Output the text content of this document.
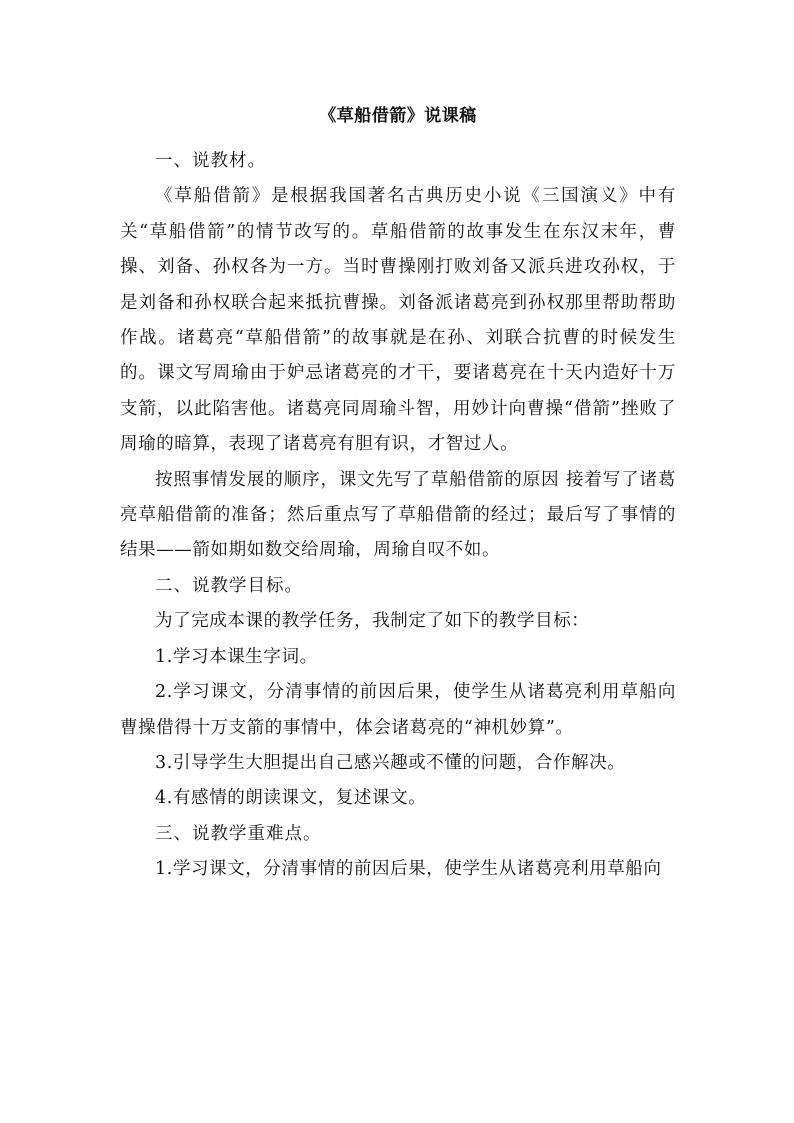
《草船借箭》说课稿

一、说教材。

《草船借箭》是根据我国著名古典历史小说《三国演义》中有关“草船借箭”的情节改写的。草船借箭的故事发生在东汉末年，曹操、刘备、孙权各为一方。当时曹操刚打败刘备又派兵进攻孙权，于是刘备和孙权联合起来抵抗曹操。刘备派诸葛亮到孙权那里帮助帮助作战。诸葛亮“草船借箭”的故事就是在孙、刘联合抗曹的时候发生的。课文写周瑜由于妒忌诸葛亮的才干，要诸葛亮在十天内造好十万支箭，以此陷害他。诸葛亮同周瑜斗智，用妙计向曹操“借箭”挫败了周瑜的暗算，表现了诸葛亮有胆有识，才智过人。

按照事情发展的顺序，课文先写了草船借箭的原因 接着写了诸葛亮草船借箭的准备；然后重点写了草船借箭的经过；最后写了事情的结果——箭如期如数交给周瑜，周瑜自叹不如。

二、说教学目标。

为了完成本课的教学任务，我制定了如下的教学目标：

1.学习本课生字词。

2.学习课文，分清事情的前因后果，使学生从诸葛亮利用草船向曹操借得十万支箭的事情中，体会诸葛亮的“神机妙算”。

3.引导学生大胆提出自己感兴趣或不懂的问题，合作解决。

4.有感情的朗读课文，复述课文。

三、说教学重难点。

1.学习课文，分清事情的前因后果，使学生从诸葛亮利用草船向
